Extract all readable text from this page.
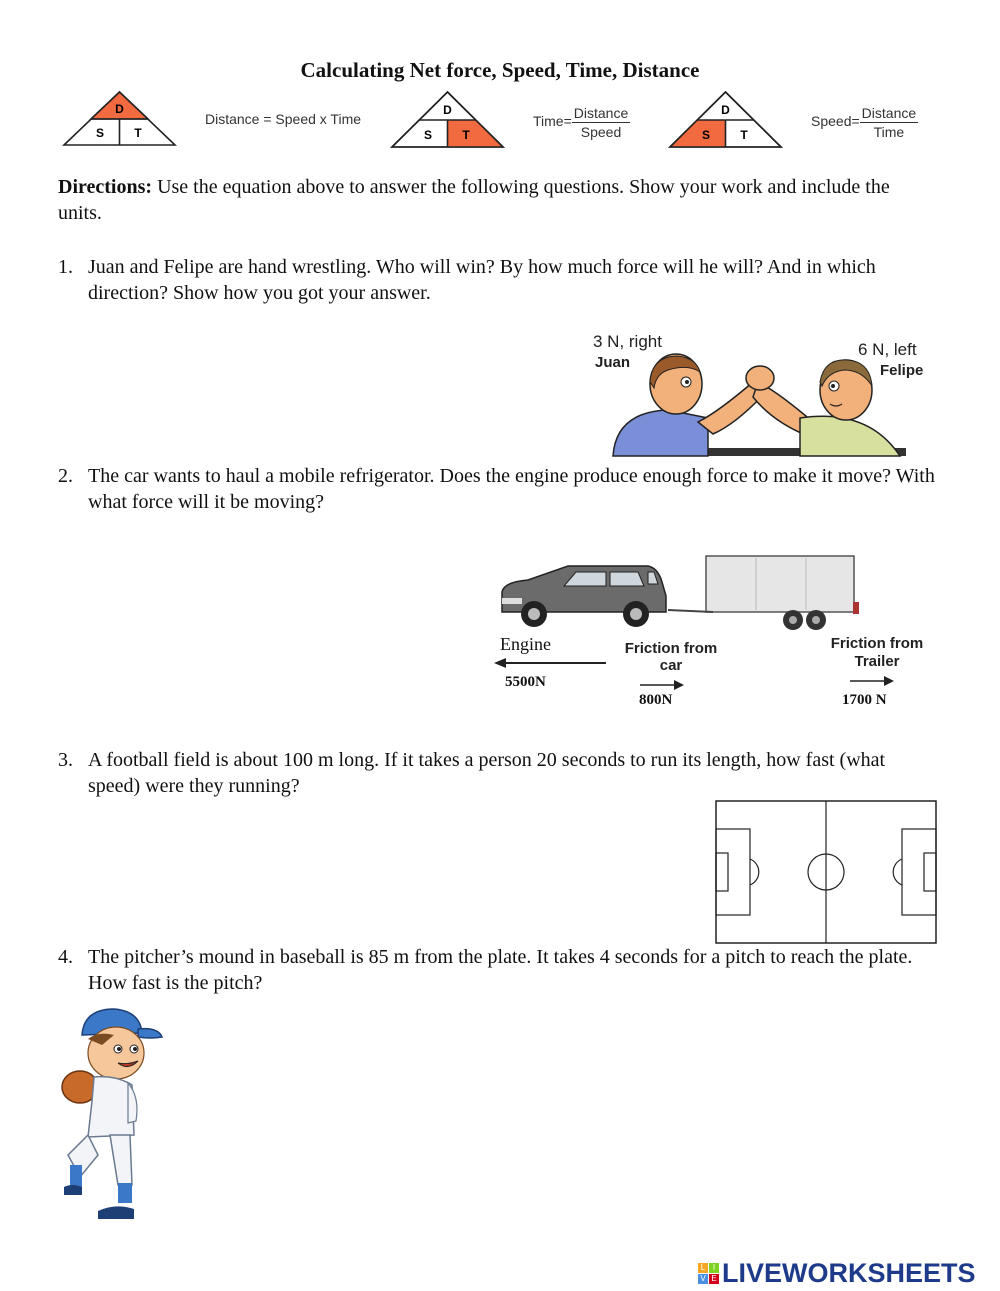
Calculating Net force, Speed, Time, Distance
D
S	T
Distance = Speed x Time
D
S	T
Time= $\frac{\text{Distance}}{\text{Speed}}$	D
S	T
Speed= $\frac{\text{Distance}}{\text{Time}}$
Directions: Use the equation above to answer the following questions. Show your work and include the units.
1. Juan and Felipe are hand wrestling. Who will win? By how much force will he will? And in which direction? Show how you got your answer.
3 N, right
Juan
6 N, left
Felipe
2. The car wants to haul a mobile refrigerator. Does the engine produce enough force to make it move? With what force will it be moving?
Engine
5500N
Friction from
car
800N
Friction from
Trailer
1700 N
3. A football field is about 100 m long. If it takes a person 20 seconds to run its length, how fast (what speed) were they running?
4. The pitcher’s mound in baseball is 85 m from the plate. It takes 4 seconds for a pitch to reach the plate. How fast is the pitch?
L I
V E LIVEWORKSHEETS
